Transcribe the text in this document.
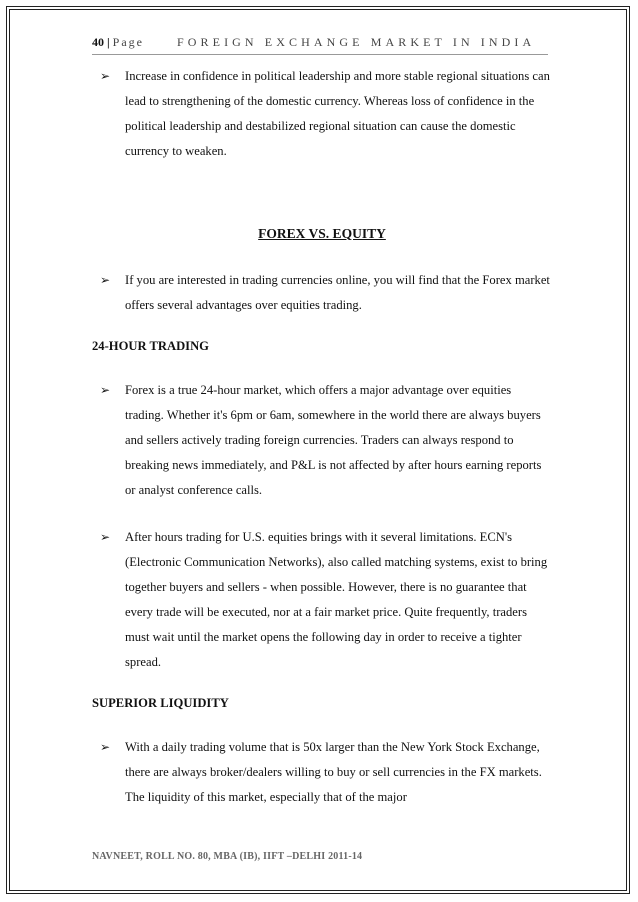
40 | Page	FOREIGN EXCHANGE MARKET IN INDIA
➢ Increase in confidence in political leadership and more stable regional situations can lead to strengthening of the domestic currency. Whereas loss of confidence in the political leadership and destabilized regional situation can cause the domestic currency to weaken.
FOREX VS. EQUITY
➢ If you are interested in trading currencies online, you will find that the Forex market offers several advantages over equities trading.
24-HOUR TRADING
➢ Forex is a true 24-hour market, which offers a major advantage over equities trading. Whether it's 6pm or 6am, somewhere in the world there are always buyers and sellers actively trading foreign currencies. Traders can always respond to breaking news immediately, and P&L is not affected by after hours earning reports or analyst conference calls.
➢ After hours trading for U.S. equities brings with it several limitations. ECN's (Electronic Communication Networks), also called matching systems, exist to bring together buyers and sellers - when possible. However, there is no guarantee that every trade will be executed, nor at a fair market price. Quite frequently, traders must wait until the market opens the following day in order to receive a tighter spread.
SUPERIOR LIQUIDITY
➢ With a daily trading volume that is 50x larger than the New York Stock Exchange, there are always broker/dealers willing to buy or sell currencies in the FX markets. The liquidity of this market, especially that of the major
NAVNEET, ROLL NO. 80, MBA (IB), IIFT –DELHI 2011-14
